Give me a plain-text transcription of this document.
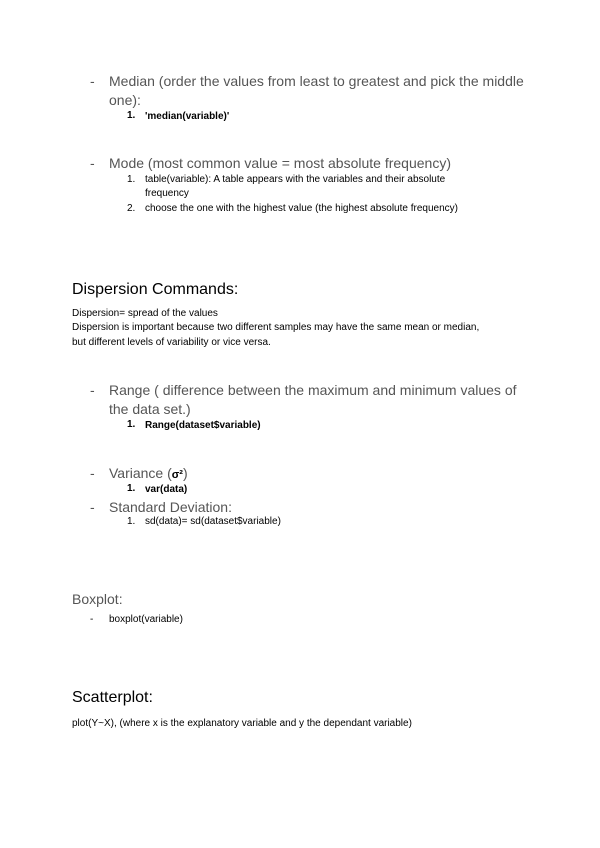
- Median (order the values from least to greatest and pick the middle
one):
1. 'median(variable)'
- Mode (most common value = most absolute frequency)
1. table(variable): A table appears with the variables and their absolute
frequency
2. choose the one with the highest value (the highest absolute frequency)
Dispersion Commands:
Dispersion= spread of the values
Dispersion is important because two different samples may have the same mean or median,
but different levels of variability or vice versa.
- Range ( difference between the maximum and minimum values of
the data set.)
1. Range(dataset$variable)
- Variance (σ²)
1. var(data)
- Standard Deviation:
1. sd(data)= sd(dataset$variable)
Boxplot:
- boxplot(variable)
Scatterplot:
plot(Y~X), (where x is the explanatory variable and y the dependant variable)
